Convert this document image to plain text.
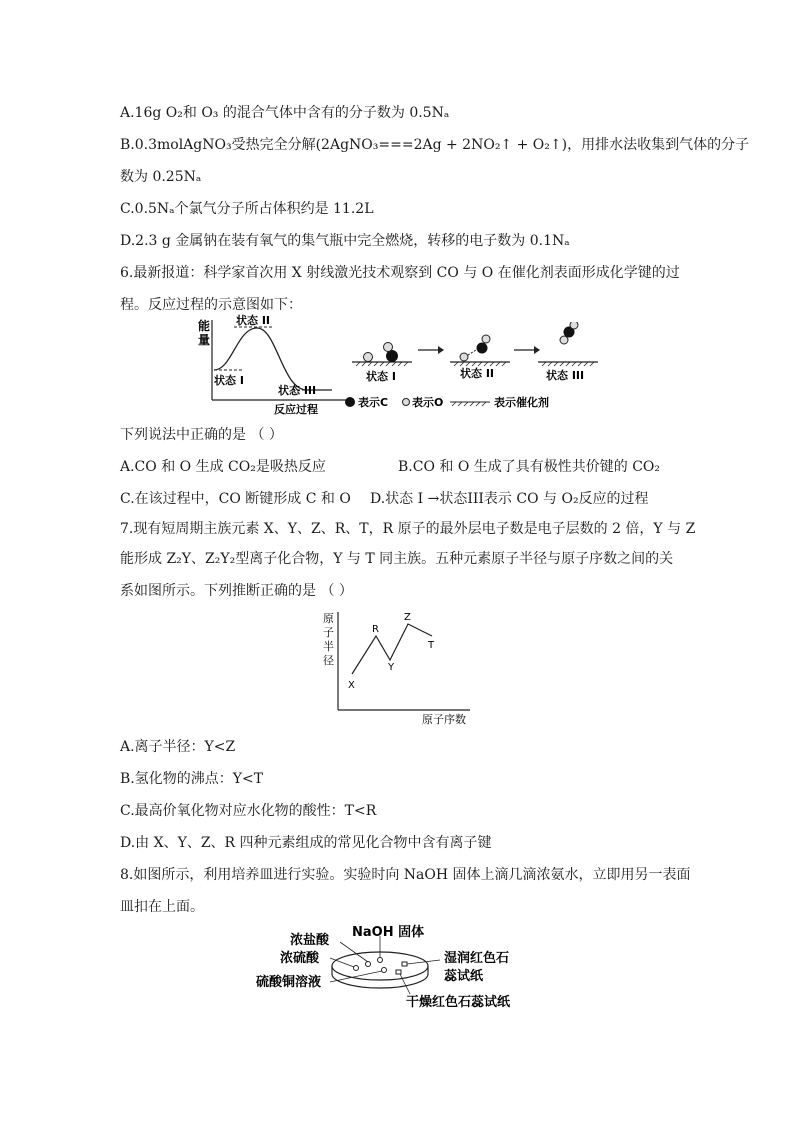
A.16g O₂和 O₃ 的混合气体中含有的分子数为 0.5Nₐ
B.0.3molAgNO₃受热完全分解(2AgNO₃===2Ag + 2NO₂↑ + O₂↑)，用排水法收集到气体的分子
数为 0.25Nₐ
C.0.5Nₐ个氯气分子所占体积约是 11.2L
D.2.3 g 金属钠在装有氧气的集气瓶中完全燃烧，转移的电子数为 0.1Nₐ
6.最新报道：科学家首次用 X 射线激光技术观察到 CO 与 O 在催化剂表面形成化学键的过
程。反应过程的示意图如下：
能
量
状态 II
状态 I
状态 III
反应过程
状态 I	状态 II	状态 III
表示C 表示O	表示催化剂
下列说法中正确的是 （ ）
A.CO 和 O 生成 CO₂是吸热反应	B.CO 和 O 生成了具有极性共价键的 CO₂
C.在该过程中，CO 断键形成 C 和 O D.状态 I →状态III表示 CO 与 O₂反应的过程
7.现有短周期主族元素 X、Y、Z、R、T，R 原子的最外层电子数是电子层数的 2 倍，Y 与 Z
能形成 Z₂Y、Z₂Y₂型离子化合物，Y 与 T 同主族。五种元素原子半径与原子序数之间的关
系如图所示。下列推断正确的是 （ ）
原
子
半
径
X
R
Y
Z
T
原子序数
A.离子半径：Y<Z
B.氢化物的沸点：Y<T
C.最高价氧化物对应水化物的酸性：T<R
D.由 X、Y、Z、R 四种元素组成的常见化合物中含有离子键
8.如图所示，利用培养皿进行实验。实验时向 NaOH 固体上滴几滴浓氨水，立即用另一表面
皿扣在上面。
浓盐酸
NaOH 固体
浓硫酸	湿润红色石
蕊试纸
硫酸铜溶液
干燥红色石蕊试纸
